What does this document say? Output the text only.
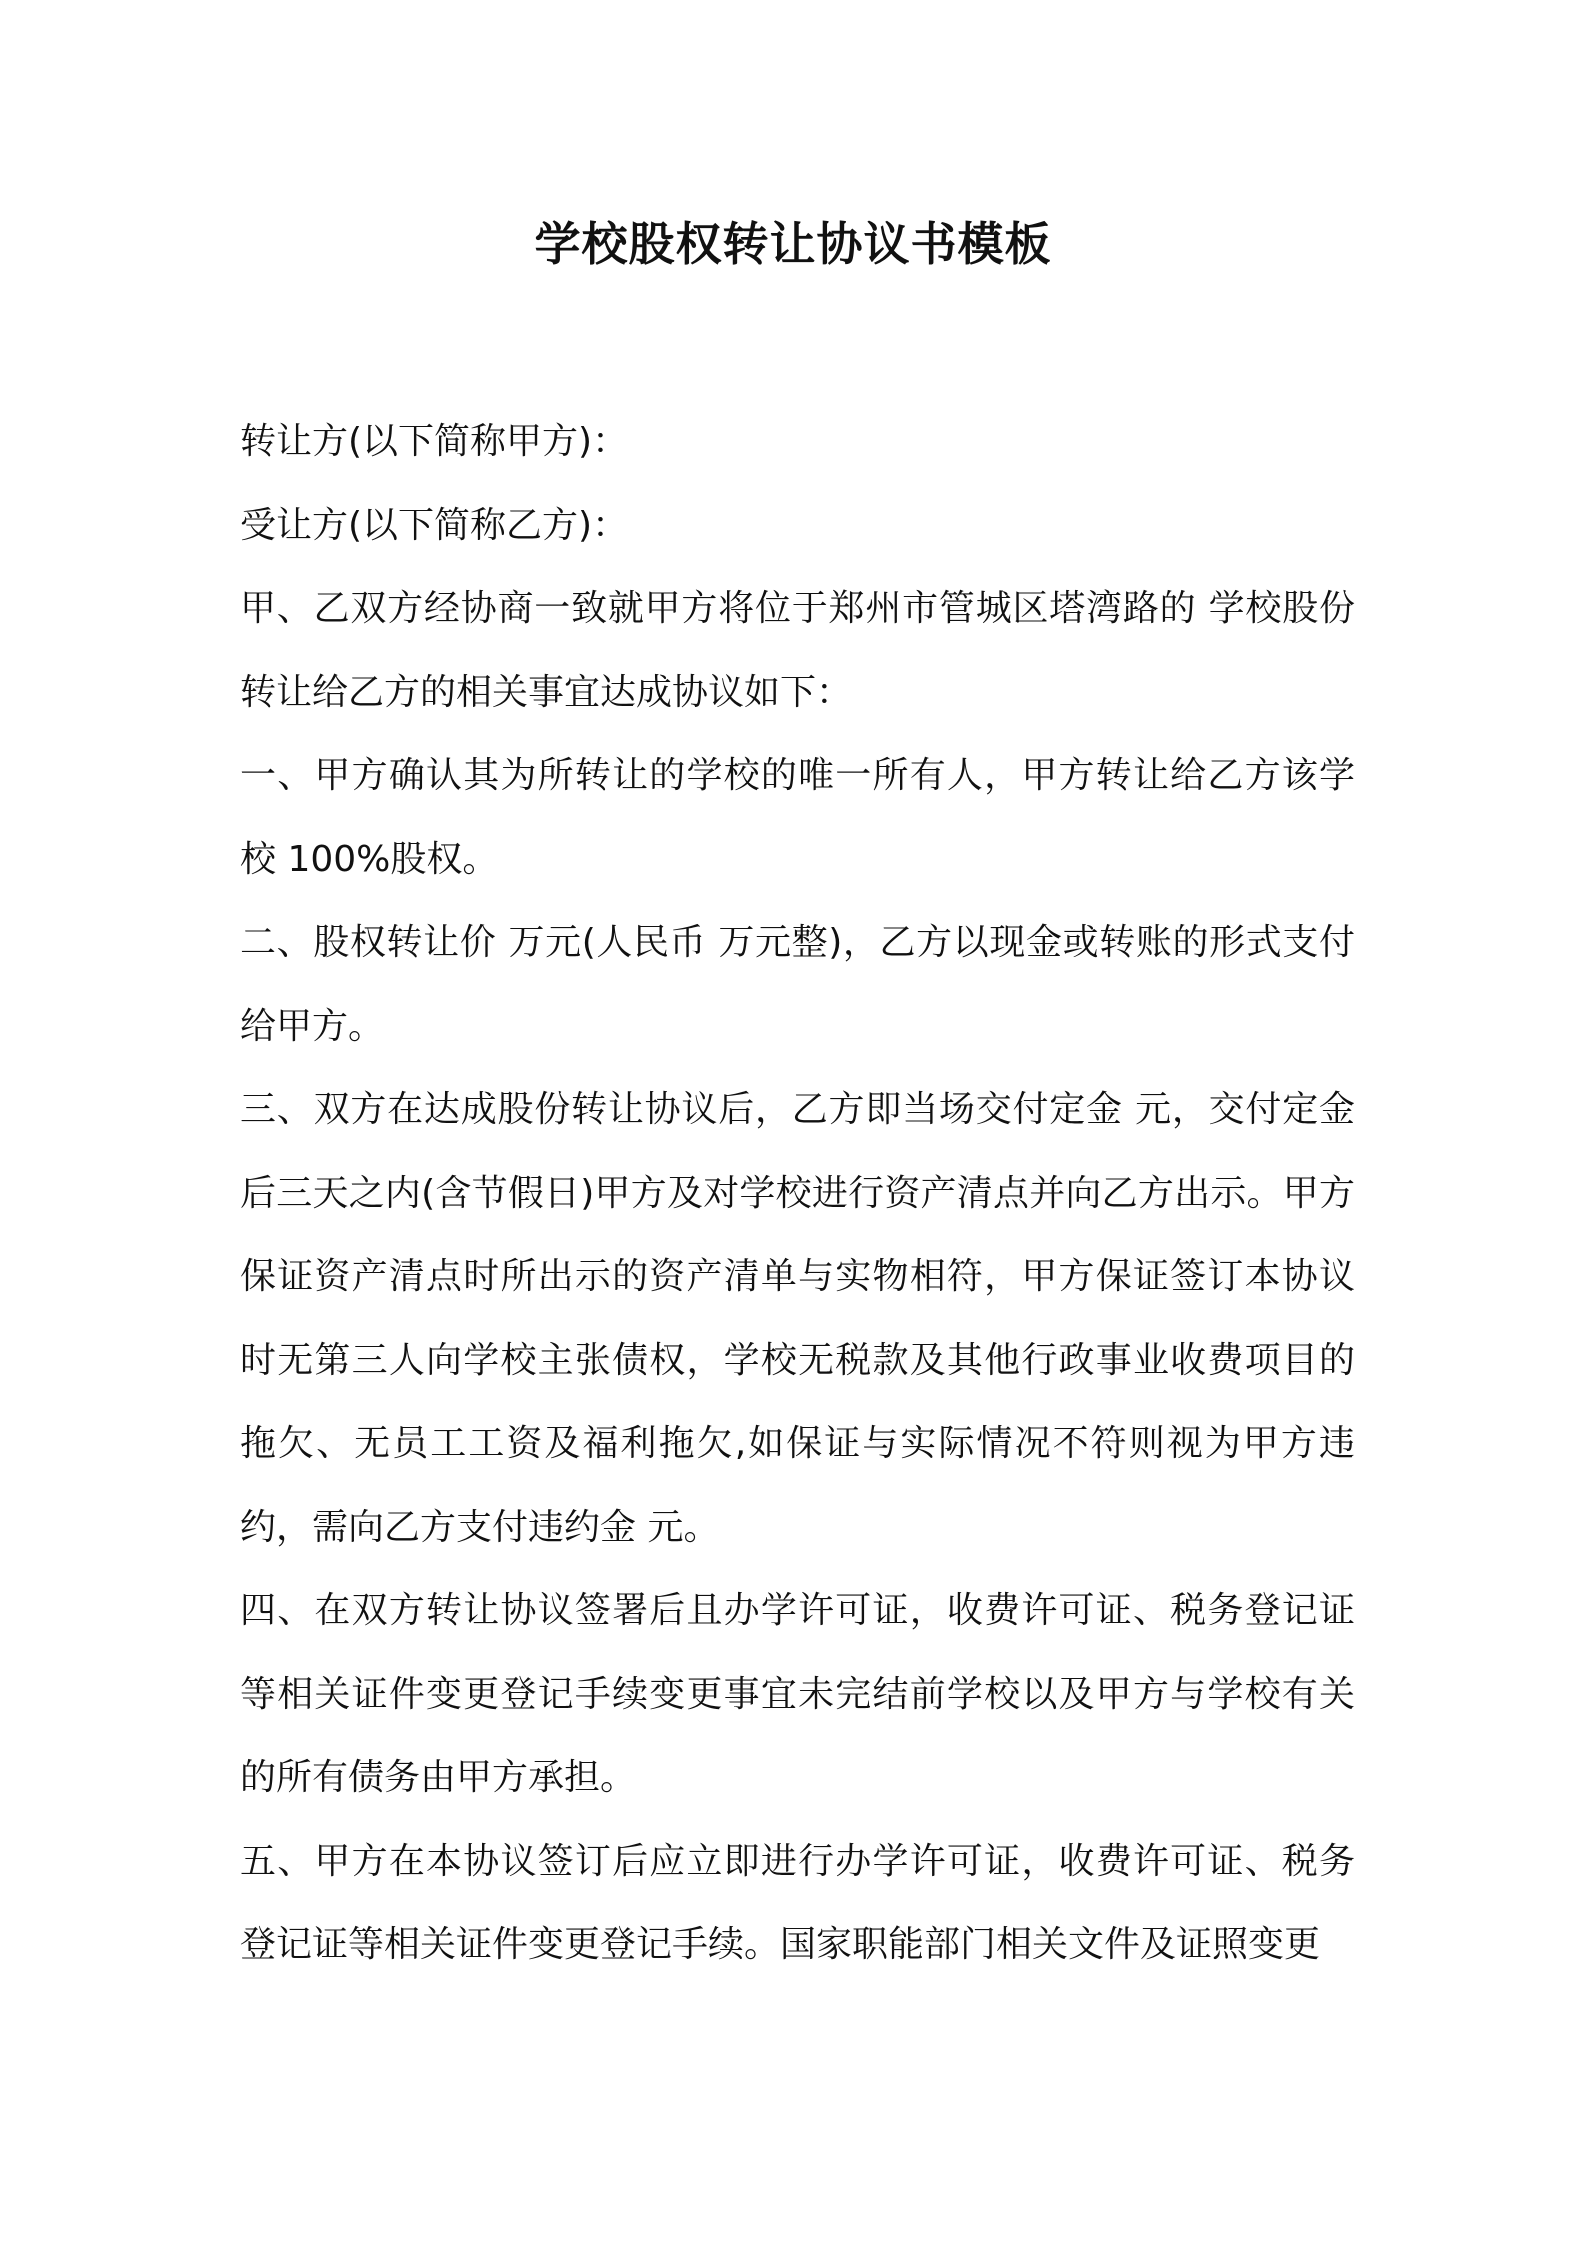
学校股权转让协议书模板

转让方(以下简称甲方)：

受让方(以下简称乙方)：

甲、乙双方经协商一致就甲方将位于郑州市管城区塔湾路的 学校股份转让给乙方的相关事宜达成协议如下：

一、甲方确认其为所转让的学校的唯一所有人，甲方转让给乙方该学校 100%股权。

二、股权转让价 万元(人民币 万元整)，乙方以现金或转账的形式支付给甲方。

三、双方在达成股份转让协议后，乙方即当场交付定金 元，交付定金后三天之内(含节假日)甲方及对学校进行资产清点并向乙方出示。甲方保证资产清点时所出示的资产清单与实物相符，甲方保证签订本协议时无第三人向学校主张债权，学校无税款及其他行政事业收费项目的拖欠、无员工工资及福利拖欠,如保证与实际情况不符则视为甲方违约，需向乙方支付违约金 元。

四、在双方转让协议签署后且办学许可证，收费许可证、税务登记证等相关证件变更登记手续变更事宜未完结前学校以及甲方与学校有关的所有债务由甲方承担。

五、甲方在本协议签订后应立即进行办学许可证，收费许可证、税务登记证等相关证件变更登记手续。国家职能部门相关文件及证照变更
